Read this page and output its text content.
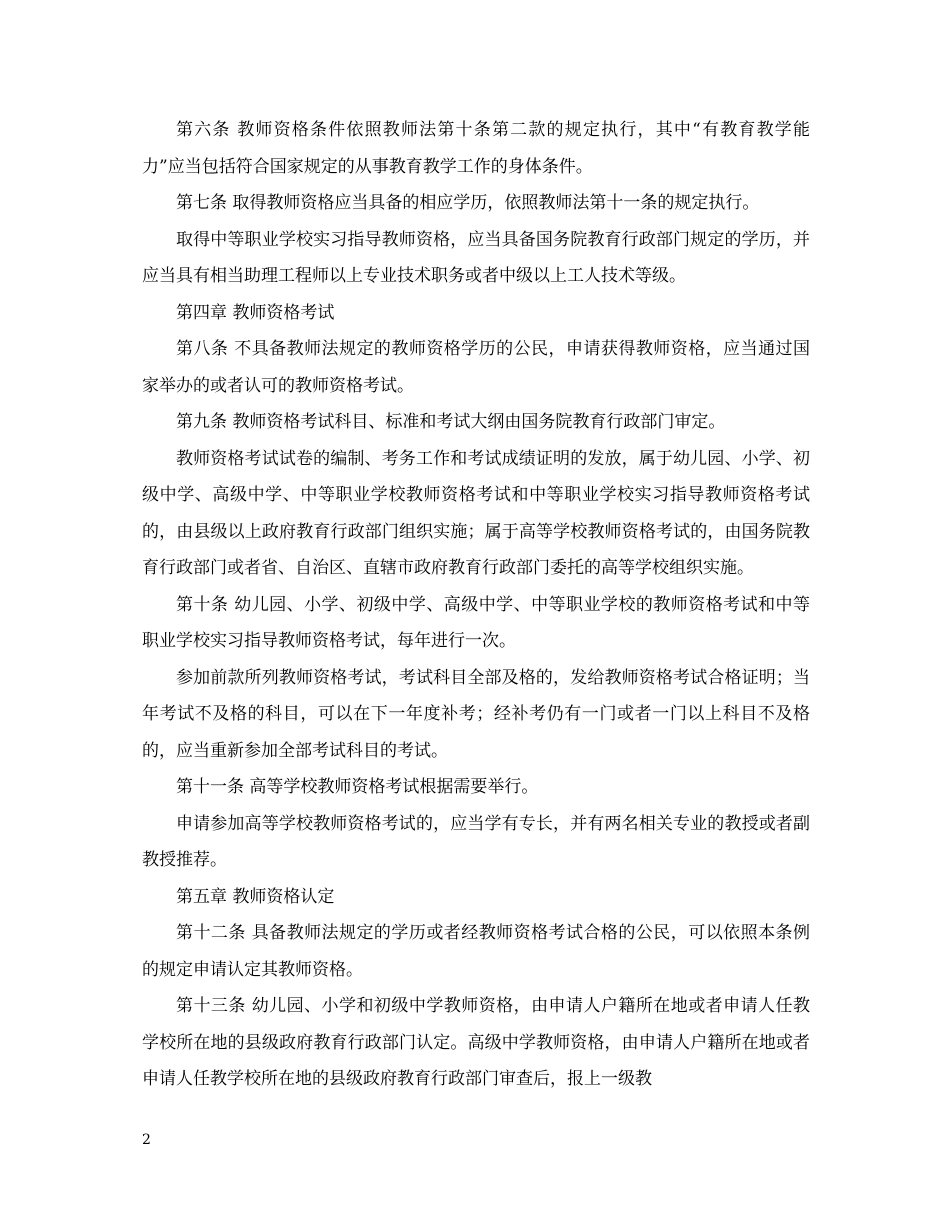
第六条 教师资格条件依照教师法第十条第二款的规定执行，其中“有教育教学能力”应当包括符合国家规定的从事教育教学工作的身体条件。

第七条 取得教师资格应当具备的相应学历，依照教师法第十一条的规定执行。

取得中等职业学校实习指导教师资格，应当具备国务院教育行政部门规定的学历，并应当具有相当助理工程师以上专业技术职务或者中级以上工人技术等级。

第四章 教师资格考试

第八条 不具备教师法规定的教师资格学历的公民，申请获得教师资格，应当通过国家举办的或者认可的教师资格考试。

第九条 教师资格考试科目、标准和考试大纲由国务院教育行政部门审定。

教师资格考试试卷的编制、考务工作和考试成绩证明的发放，属于幼儿园、小学、初级中学、高级中学、中等职业学校教师资格考试和中等职业学校实习指导教师资格考试的，由县级以上政府教育行政部门组织实施；属于高等学校教师资格考试的，由国务院教育行政部门或者省、自治区、直辖市政府教育行政部门委托的高等学校组织实施。

第十条 幼儿园、小学、初级中学、高级中学、中等职业学校的教师资格考试和中等职业学校实习指导教师资格考试，每年进行一次。

参加前款所列教师资格考试，考试科目全部及格的，发给教师资格考试合格证明；当年考试不及格的科目，可以在下一年度补考；经补考仍有一门或者一门以上科目不及格的，应当重新参加全部考试科目的考试。

第十一条 高等学校教师资格考试根据需要举行。

申请参加高等学校教师资格考试的，应当学有专长，并有两名相关专业的教授或者副教授推荐。

第五章 教师资格认定

第十二条 具备教师法规定的学历或者经教师资格考试合格的公民，可以依照本条例的规定申请认定其教师资格。

第十三条 幼儿园、小学和初级中学教师资格，由申请人户籍所在地或者申请人任教学校所在地的县级政府教育行政部门认定。高级中学教师资格，由申请人户籍所在地或者申请人任教学校所在地的县级政府教育行政部门审查后，报上一级教

2
